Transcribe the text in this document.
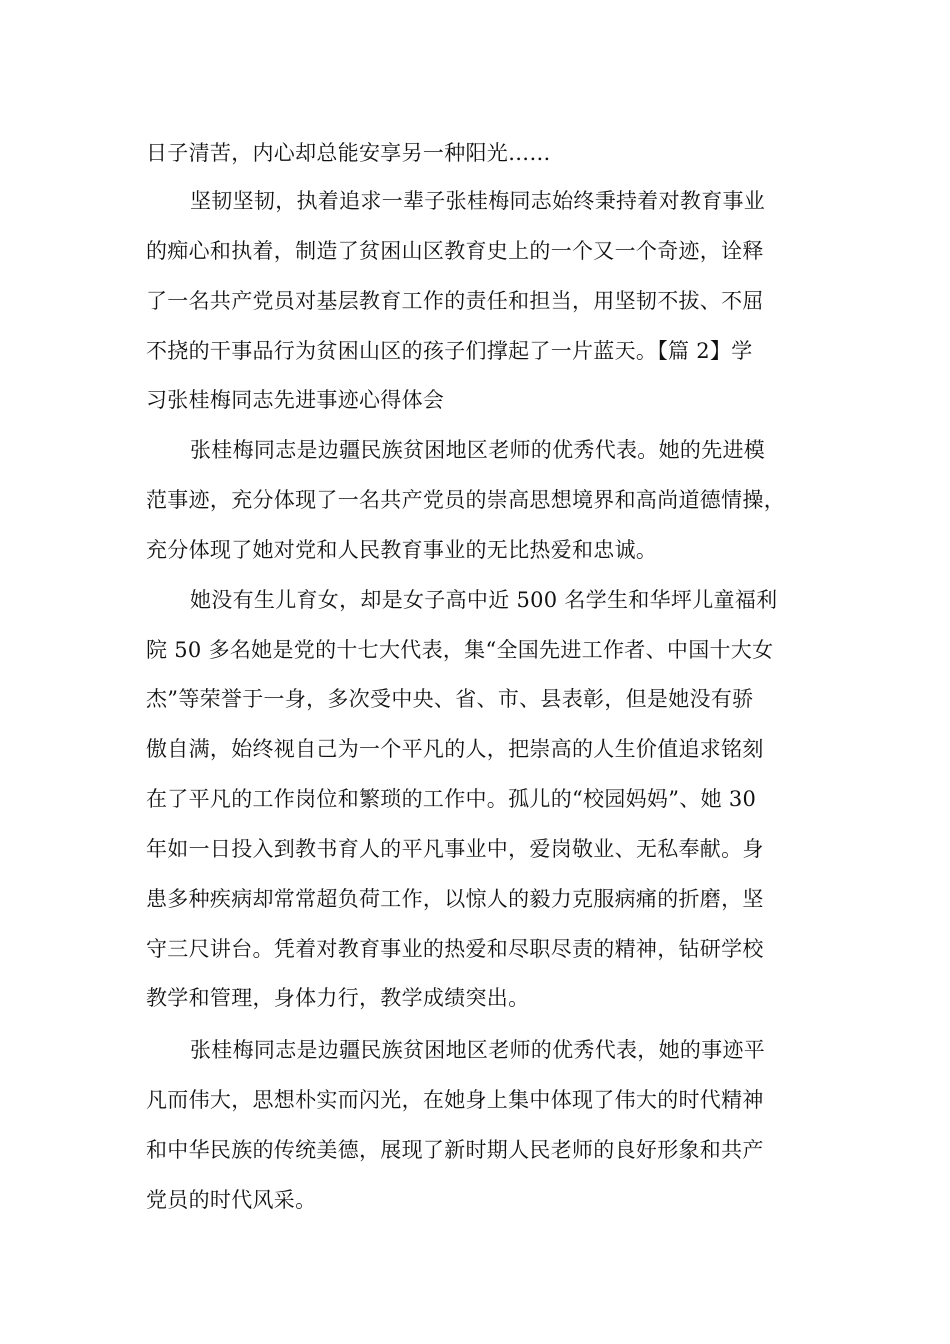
日子清苦，内心却总能安享另一种阳光……
坚韧坚韧，执着追求一辈子张桂梅同志始终秉持着对教育事业
的痴心和执着，制造了贫困山区教育史上的一个又一个奇迹，诠释
了一名共产党员对基层教育工作的责任和担当，用坚韧不拔、不屈
不挠的干事品行为贫困山区的孩子们撑起了一片蓝天。【篇 2】学
习张桂梅同志先进事迹心得体会
张桂梅同志是边疆民族贫困地区老师的优秀代表。她的先进模
范事迹，充分体现了一名共产党员的崇高思想境界和高尚道德情操，
充分体现了她对党和人民教育事业的无比热爱和忠诚。
她没有生儿育女，却是女子高中近 500 名学生和华坪儿童福利
院 50 多名她是党的十七大代表，集“全国先进工作者、中国十大女
杰”等荣誉于一身，多次受中央、省、市、县表彰，但是她没有骄
傲自满，始终视自己为一个平凡的人，把崇高的人生价值追求铭刻
在了平凡的工作岗位和繁琐的工作中。孤儿的“校园妈妈”、她 30
年如一日投入到教书育人的平凡事业中，爱岗敬业、无私奉献。身
患多种疾病却常常超负荷工作，以惊人的毅力克服病痛的折磨，坚
守三尺讲台。凭着对教育事业的热爱和尽职尽责的精神，钻研学校
教学和管理，身体力行，教学成绩突出。
张桂梅同志是边疆民族贫困地区老师的优秀代表，她的事迹平
凡而伟大，思想朴实而闪光，在她身上集中体现了伟大的时代精神
和中华民族的传统美德，展现了新时期人民老师的良好形象和共产
党员的时代风采。
